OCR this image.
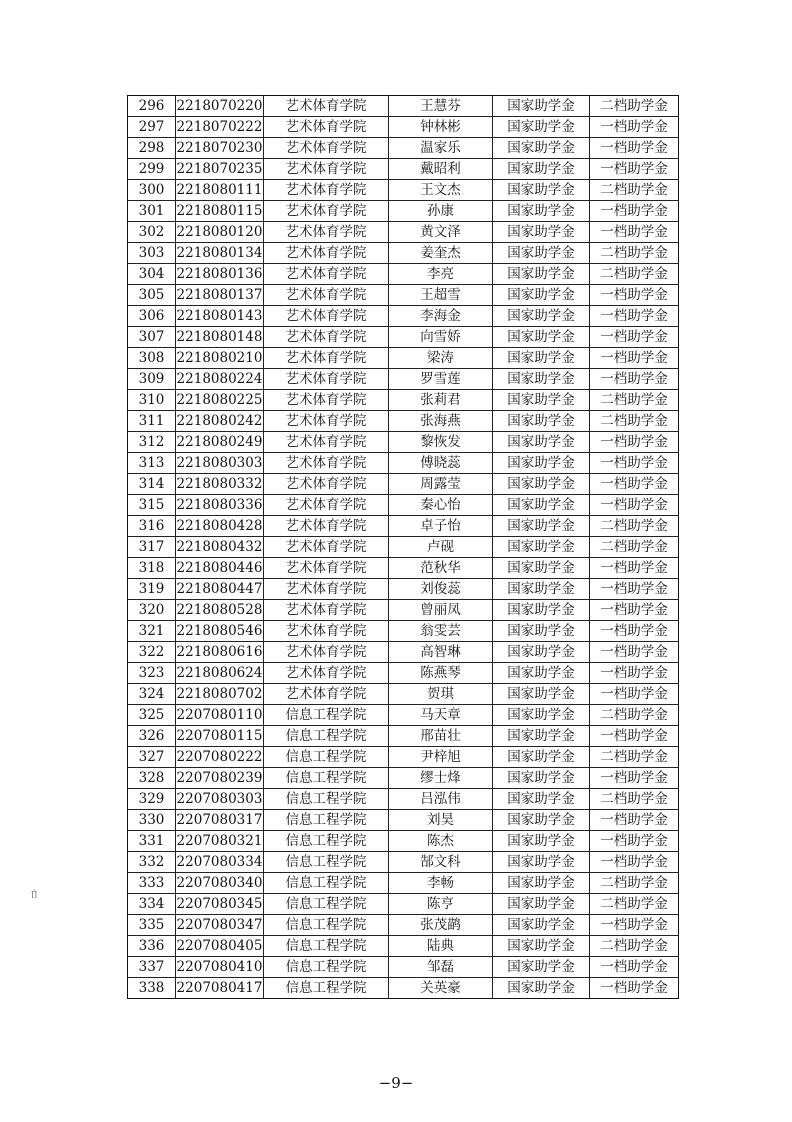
296	2218070220	艺术体育学院	王慧芬	国家助学金	二档助学金
297	2218070222	艺术体育学院	钟林彬	国家助学金	一档助学金
298	2218070230	艺术体育学院	温家乐	国家助学金	一档助学金
299	2218070235	艺术体育学院	戴昭利	国家助学金	一档助学金
300	2218080111	艺术体育学院	王文杰	国家助学金	二档助学金
301	2218080115	艺术体育学院	孙康	国家助学金	一档助学金
302	2218080120	艺术体育学院	黄文泽	国家助学金	一档助学金
303	2218080134	艺术体育学院	姜奎杰	国家助学金	二档助学金
304	2218080136	艺术体育学院	李亮	国家助学金	二档助学金
305	2218080137	艺术体育学院	王超雪	国家助学金	一档助学金
306	2218080143	艺术体育学院	李海金	国家助学金	一档助学金
307	2218080148	艺术体育学院	向雪娇	国家助学金	一档助学金
308	2218080210	艺术体育学院	梁涛	国家助学金	一档助学金
309	2218080224	艺术体育学院	罗雪莲	国家助学金	一档助学金
310	2218080225	艺术体育学院	张莉君	国家助学金	二档助学金
311	2218080242	艺术体育学院	张海燕	国家助学金	二档助学金
312	2218080249	艺术体育学院	黎恢发	国家助学金	一档助学金
313	2218080303	艺术体育学院	傅晓蕊	国家助学金	一档助学金
314	2218080332	艺术体育学院	周露莹	国家助学金	一档助学金
315	2218080336	艺术体育学院	秦心怡	国家助学金	一档助学金
316	2218080428	艺术体育学院	卓子怡	国家助学金	二档助学金
317	2218080432	艺术体育学院	卢砚	国家助学金	二档助学金
318	2218080446	艺术体育学院	范秋华	国家助学金	一档助学金
319	2218080447	艺术体育学院	刘俊蕊	国家助学金	一档助学金
320	2218080528	艺术体育学院	曾丽凤	国家助学金	一档助学金
321	2218080546	艺术体育学院	翁雯芸	国家助学金	一档助学金
322	2218080616	艺术体育学院	高智琳	国家助学金	一档助学金
323	2218080624	艺术体育学院	陈燕琴	国家助学金	一档助学金
324	2218080702	艺术体育学院	贺琪	国家助学金	一档助学金
325	2207080110	信息工程学院	马天章	国家助学金	二档助学金
326	2207080115	信息工程学院	邢苗壮	国家助学金	一档助学金
327	2207080222	信息工程学院	尹梓旭	国家助学金	二档助学金
328	2207080239	信息工程学院	缪士烽	国家助学金	一档助学金
329	2207080303	信息工程学院	吕泓伟	国家助学金	二档助学金
330	2207080317	信息工程学院	刘昊	国家助学金	一档助学金
331	2207080321	信息工程学院	陈杰	国家助学金	一档助学金
332	2207080334	信息工程学院	郜文科	国家助学金	一档助学金
333	2207080340	信息工程学院	李畅	国家助学金	二档助学金
334	2207080345	信息工程学院	陈亨	国家助学金	二档助学金
335	2207080347	信息工程学院	张茂鹋	国家助学金	一档助学金
336	2207080405	信息工程学院	陆典	国家助学金	二档助学金
337	2207080410	信息工程学院	邹磊	国家助学金	一档助学金
338	2207080417	信息工程学院	关英豪	国家助学金	一档助学金
ꞁ'ꞁ
−9−
